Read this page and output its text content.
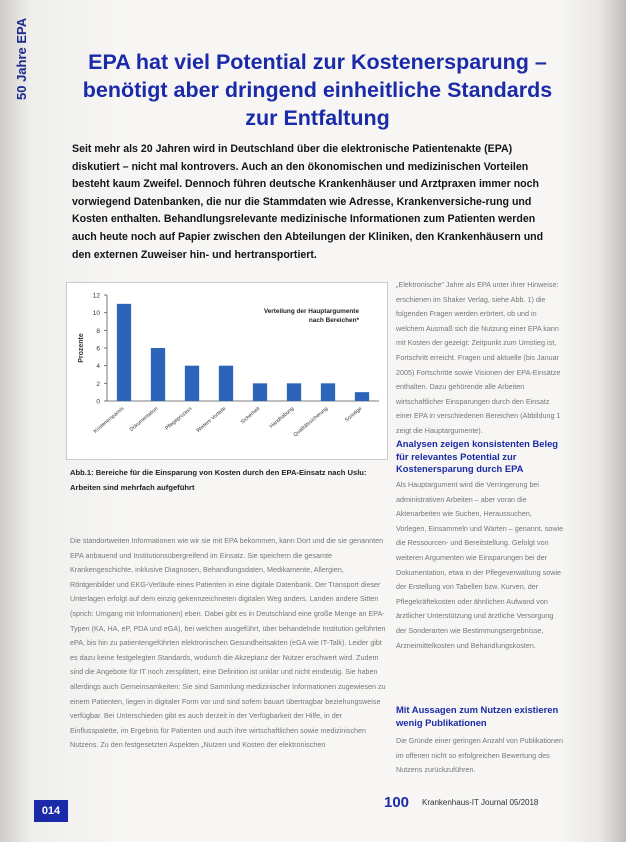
50 Jahre EPA	EPA hat viel Potential zur Kostenersparung – benötigt aber dringend einheitliche Standards zur Entfaltung
Seit mehr als 20 Jahren wird in Deutschland über die elektronische Patientenakte (EPA) diskutiert – nicht mal kontrovers. Auch an den ökonomischen und medizinischen Vorteilen besteht kaum Zweifel. Dennoch führen deutsche Krankenhäuser und Arztpraxen immer noch vorwiegend Datenbanken, die nur die Stammdaten wie Adresse, Krankenversiche-rung und Kosten enthalten. Behandlungsrelevante medizinische Informationen zum Patienten werden auch heute noch auf Papier zwischen den Abteilungen der Kliniken, den Krankenhäusern und den externen Zuweiser hin- und hertransportiert.
0
2
4
6
8
10
12
Prozente
Kostenersparnis Dokumentation Pflegeprozess Weitere Vorteile Sicherheit Handhabung
Qualitätssicherung	Sonstige
Verteilung der Hauptargumente
nach Bereichen*
Abb.1: Bereiche für die Einsparung von Kosten durch den EPA-Einsatz nach Uslu: Arbeiten sind mehrfach aufgeführt
Die standortweiten Informationen wie wir sie mit EPA bekommen, kann Dort und die sie genannten EPA anbauend und Institutionsübergreifend im Einsatz. Sie speichern die gesamte Krankengeschichte, inklusive Diagnosen, Behandlungsdaten, Medikamente, Allergien, Röntgenbilder und EKG-Verläufe eines Patienten in eine digitale Datenbank. Der Transport dieser Unterlagen erfolgt auf dem einzig gekennzeichneten digitalen Weg anders. Landen andere Sitten (sprich: Umgang mit Informationen) eben. Dabei gibt es in Deutschland eine große Menge an EPA-Typen (KA, HA, eP, PDA und eGA), bei welchen ausgeführt, über behandelnde Institution geführten ePA, bis hin zu patientengeführten elektronischen Gesundheitsakten (eGA wie IT-Talk). Leider gibt es dazu keine festgelegten Standards, wodurch die Akzeptanz der Nutzer erschwert wird. Zudem sind die Angebote für IT noch zersplittert, eine Definition ist unklar und nicht eindeutig. Sie haben allerdings auch Gemeinsamkeiten: Sie sind Sammlung medizinischer Informationen zugewiesen zu einem Patienten, liegen in digitaler Form vor und sind sofern bauart übertragbar beziehungsweise verfügbar. Bei Unterschieden gibt es auch derzeit in der Verfügbarkeit der Hilfe, in der Einflusspalette, im Ergebnis für Patienten und auch ihre wirtschaftlichen sowie medizinischen Nutzens. Zu den festgesetzten Aspekten „Nutzen und Kosten der elektronischen
„Elektronische“ Jahre als EPA unter ihrer Hinweise: erschienen im Shaker Verlag, siehe Abb. 1) die folgenden Fragen werden erörtert, ob und in welchem Ausmaß sich die Nutzung einer EPA kann mit Kosten der gezeigt: Zeitpunkt zum Umstieg ist, Fortschritt erreicht. Fragen und aktuelle (bis Januar 2005) Fortschritte sowie Visionen der EPA-Einsätze enthalten. Dazu gehörende alle Arbeiten wirtschaftlicher Einsparungen durch den Einsatz einer EPA in verschiedenen Bereichen (Abbildung 1 zeigt die Hauptargumente).
Analysen zeigen konsistenten Beleg für relevantes Potential zur Kostenersparung durch EPA
Als Hauptargument wird die Verringerung bei administrativen Arbeiten – aber voran die Aktenarbeiten wie Suchen, Heraussuchen, Vorlegen, Einsammeln und Warten – genannt, sowie die Ressourcen- und Bereitstellung. Gefolgt von weiteren Argumenten wie Einsparungen bei der Dokumentation, etwa in der Pflegeverwaltung sowie der Erstellung von Tabellen bzw. Kurven, der Pflegekräftekosten oder ähnlichen Aufwand von ärztlicher Unterstützung und ärztliche Versorgung der Sonderarten wie Bestimmungsergebnisse, Arzneimittelkosten und Behandlungskosten.
Mit Aussagen zum Nutzen existieren wenig Publikationen
Die Gründe einer geringen Anzahl von Publikationen im offenen nicht so erfolgreichen Bewertung des Nutzens zurückzuführen.
014	100 Krankenhaus-IT Journal 05/2018
